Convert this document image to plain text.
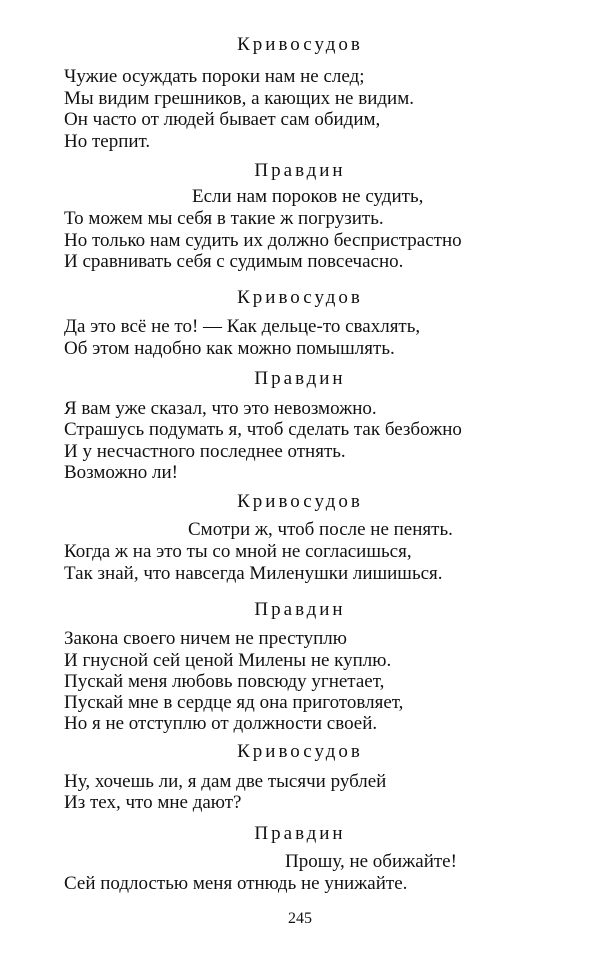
Кривосудов
Чужие осуждать пороки нам не след;
Мы видим грешников, а кающих не видим.
Он часто от людей бывает сам обидим,
Но терпит.
Правдин
Если нам пороков не судить,
То можем мы себя в такие ж погрузить.
Но только нам судить их должно беспристрастно
И сравнивать себя с судимым повсечасно.
Кривосудов
Да это всё не то! — Как дельце-то свахлять,
Об этом надобно как можно помышлять.
Правдин
Я вам уже сказал, что это невозможно.
Страшусь подумать я, чтоб сделать так безбожно
И у несчастного последнее отнять.
Возможно ли!
Кривосудов
Смотри ж, чтоб после не пенять.
Когда ж на это ты со мной не согласишься,
Так знай, что навсегда Миленушки лишишься.
Правдин
Закона своего ничем не преступлю
И гнусной сей ценой Милены не куплю.
Пускай меня любовь повсюду угнетает,
Пускай мне в сердце яд она приготовляет,
Но я не отступлю от должности своей.
Кривосудов
Ну, хочешь ли, я дам две тысячи рублей
Из тех, что мне дают?
Правдин
Прошу, не обижайте!
Сей подлостью меня отнюдь не унижайте.
245
